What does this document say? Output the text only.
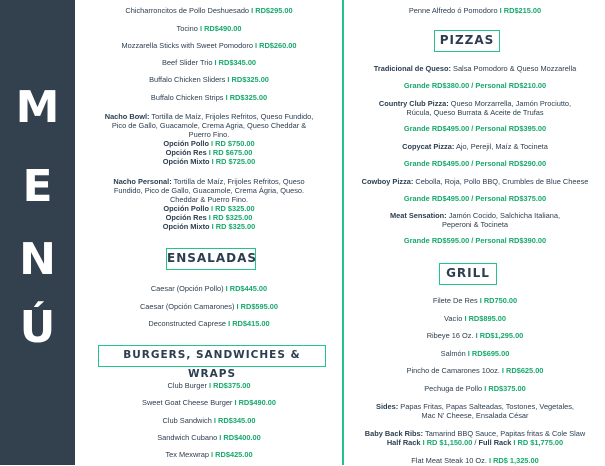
M
E
N
Ú
Chicharroncitos de Pollo Deshuesado I RD$295.00
Tocino I RD$490.00
Mozzarella Sticks with Sweet Pomodoro I RD$260.00
Beef Slider Trio I RD$345.00
Buffalo Chicken Sliders I RD$325.00
Buffalo Chicken Strips I RD$325.00
Nacho Bowl: Tortilla de Maíz, Frijoles Refritos, Queso Fundido,
Pico de Gallo, Guacamole, Crema Agria, Queso Cheddar &
Puerro Fino.
Opción Pollo I RD $750.00
Opción Res I RD $675.00
Opción Mixto I RD $725.00
Nacho Personal: Tortilla de Maíz, Frijoles Refritos, Queso
Fundido, Pico de Gallo, Guacamole, Crema Ágria, Queso.
Cheddar & Puerro Fino.
Opción Pollo I RD $325.00
Opción Res I RD $325.00
Opción Mixto I RD $325.00
ENSALADAS
Caesar (Opción Pollo) I RD$445.00
Caesar (Opción Camarones) I RD$595.00
Deconstructed Caprese I RD$415.00
BURGERS, SANDWICHES & WRAPS
Club Burger I RD$375.00
Sweet Goat Cheese Burger I RD$490.00
Club Sandwich I RD$345.00
Sandwich Cubano I RD$400.00
Tex Mexwrap I RD$425.00
Penne Alfredo ó Pomodoro I RD$215.00
PIZZAS
Tradicional de Queso: Salsa Pomodoro & Queso Mozzarella
Grande RD$380.00 / Personal RD$210.00
Country Club Pizza: Queso Morzarrella, Jamón Prociutto,
Rúcula, Queso Burrata & Aceite de Trufas
Grande RD$495.00 / Personal RD$395.00
Copycat Pizza: Ajo, Perejil, Maíz & Tocineta
Grande RD$495.00 / Personal RD$290.00
Cowboy Pizza: Cebolla, Roja, Pollo BBQ, Crumbles de Blue Cheese
Grande RD$495.00 / Personal RD$375.00
Meat Sensation: Jamón Cocido, Salchicha Italiana,
Peperoni & Tocineta
Grande RD$595.00 / Personal RD$390.00
GRILL
Filete De Res I RD750.00
Vacío I RD$895.00
Ribeye 16 Oz. I RD$1,295.00
Salmón I RD$695.00
Pincho de Camarones 10oz. I RD$625.00
Pechuga de Pollo I RD$375.00
Sides: Papas Fritas, Papas Salteadas, Tostones, Vegetales,
Mac N' Cheese, Ensalada César
Baby Back Ribs: Tamarind BBQ Sauce, Papitas fritas & Cole Slaw
Half Rack I RD $1,150.00 / Full Rack I RD $1,775.00
Flat Meat Steak 10 Oz. I RD$ 1,325.00
